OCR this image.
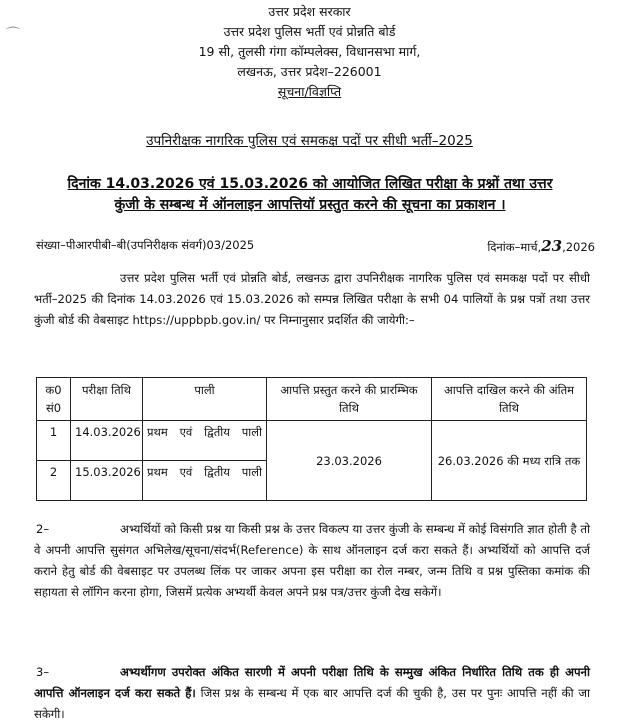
⌒
उत्तर प्रदेश सरकार
उत्तर प्रदेश पुलिस भर्ती एवं प्रोन्नति बोर्ड
19 सी, तुलसी गंगा कॉम्पलेक्स, विधानसभा मार्ग,
लखनऊ, उत्तर प्रदेश–226001
सूचना/विज्ञप्ति
उपनिरीक्षक नागरिक पुलिस एवं समकक्ष पदों पर सीधी भर्ती–2025
दिनांक 14.03.2026 एवं 15.03.2026 को आयोजित लिखित परीक्षा के प्रश्नों तथा उत्तर
कुंजी के सम्बन्ध में ऑनलाइन आपत्तियॉ प्रस्तुत करने की सूचना का प्रकाशन ।
संख्या–पीआरपीबी–बी(उपनिरीक्षक संवर्ग)03/2025	दिनांक–मार्च,23,2026
उत्तर प्रदेश पुलिस भर्ती एवं प्रोन्नति बोर्ड, लखनऊ द्वारा उपनिरीक्षक नागरिक पुलिस एवं समकक्ष पदों पर सीधी भर्ती–2025 की दिनांक 14.03.2026 एवं 15.03.2026 को सम्पन्न लिखित परीक्षा के सभी 04 पालियों के प्रश्न पत्रों तथा उत्तर कुंजी बोर्ड की वेबसाइट https://uppbpb.gov.in/ पर निम्नानुसार प्रदर्शित की जायेगी:–
क0 सं0	परीक्षा तिथि	पाली	आपत्ति प्रस्तुत करने की प्रारम्भिक तिथि	आपत्ति दाखिल करने की अंतिम तिथि
1	14.03.2026	प्रथम एवं द्वितीय पाली	23.03.2026	26.03.2026 की मध्य रात्रि तक
2	15.03.2026	प्रथम एवं द्वितीय पाली		
2–	अभ्यर्थियों को किसी प्रश्न या किसी प्रश्न के उत्तर विकल्प या उत्तर कुंजी के सम्बन्ध में कोई विसंगति ज्ञात होती है तो वे अपनी आपत्ति सुसंगत अभिलेख/सूचना/संदर्भ(Reference) के साथ ऑनलाइन दर्ज करा सकते हैं। अभ्यर्थियों को आपत्ति दर्ज कराने हेतु बोर्ड की वेबसाइट पर उपलब्ध लिंक पर जाकर अपना इस परीक्षा का रोल नम्बर, जन्म तिथि व प्रश्न पुस्तिका कमांक की सहायता से लॉगिन करना होगा, जिसमें प्रत्येक अभ्यर्थी केवल अपने प्रश्न पत्र/उत्तर कुंजी देख सकेगें।
3–	अभ्यर्थीगण उपरोक्त अंकित सारणी में अपनी परीक्षा तिथि के सम्मुख अंकित निर्धारित तिथि तक ही अपनी आपत्ति ऑनलाइन दर्ज करा सकते हैं। जिस प्रश्न के सम्बन्ध में एक बार आपत्ति दर्ज की चुकी है, उस पर पुनः आपत्ति नहीं की जा सकेगी।
